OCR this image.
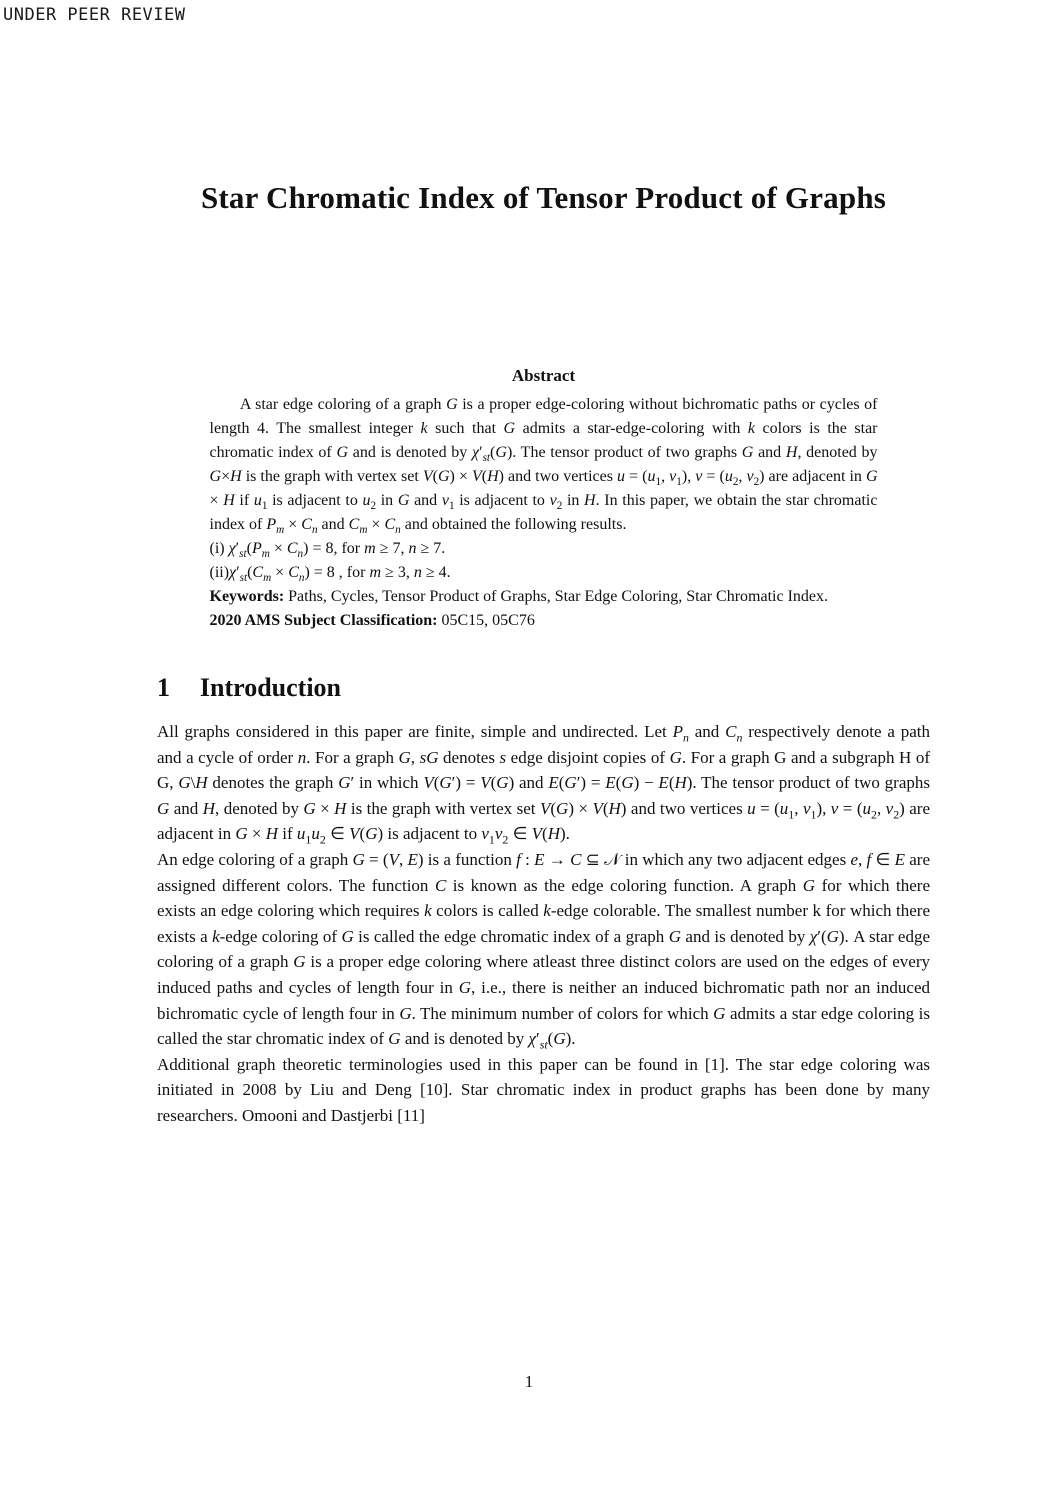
UNDER PEER REVIEW
Star Chromatic Index of Tensor Product of Graphs
Abstract

A star edge coloring of a graph G is a proper edge-coloring without bichromatic paths or cycles of length 4. The smallest integer k such that G admits a star-edge-coloring with k colors is the star chromatic index of G and is denoted by $\chi'_{st}(G)$. The tensor product of two graphs G and H, denoted by G×H is the graph with vertex set V(G) × V(H) and two vertices $u = (u_1$, $v_1$), $v = (u_2$, $v_2$) are adjacent in G × H if $u_1$ is adjacent to $u_2$ in G and $v_1$ is adjacent to $v_2$ in H. In this paper, we obtain the star chromatic index of $P_m \times C_n$ and $C_m \times C_n$ and obtained the following results.

(i) $\chi'_{st}(P_m \times C_n) = 8$, for m ≥ 7, n ≥ 7.
$(ii)\chi'_{st}(C_m \times C_n) = 8$ , for m ≥ 3, n ≥ 4.
Keywords: Paths, Cycles, Tensor Product of Graphs, Star Edge Coloring, Star Chromatic Index.
2020 AMS Subject Classification: 05C15, 05C76
1 Introduction

All graphs considered in this paper are finite, simple and undirected. Let $P_n$ and $C_n$ respectively denote a path and a cycle of order n. For a graph G, sG denotes s edge disjoint copies of G. For a graph G and a subgraph H of G, G\H denotes the graph G′ in which V(G′) = V(G) and E(G′) = E(G) − E(H). The tensor product of two graphs G and H, denoted by G × H is the graph with vertex set V(G) × V(H) and two vertices $u = (u_1$, $v_1$), $v = (u_2$, $v_2$) are adjacent in G × H if $u_1u_2$ ∈ V(G) is adjacent to $v_1v_2$ ∈ V(H).

An edge coloring of a graph G = (V, E) is a function f : E → C ⊆ 𝒩 in which any two adjacent edges e, f ∈ E are assigned different colors. The function C is known as the edge coloring function. A graph G for which there exists an edge coloring which requires k colors is called k-edge colorable. The smallest number k for which there exists a k-edge coloring of G is called the edge chromatic index of a graph G and is denoted by χ′(G). A star edge coloring of a graph G is a proper edge coloring where atleast three distinct colors are used on the edges of every induced paths and cycles of length four in G, i.e., there is neither an induced bichromatic path nor an induced bichromatic cycle of length four in G. The minimum number of colors for which G admits a star edge coloring is called the star chromatic index of G and is denoted by $\chi'_{st}(G)$.

Additional graph theoretic terminologies used in this paper can be found in [1]. The star edge coloring was initiated in 2008 by Liu and Deng [10]. Star chromatic index in product graphs has been done by many researchers. Omooni and Dastjerbi [11]

1
